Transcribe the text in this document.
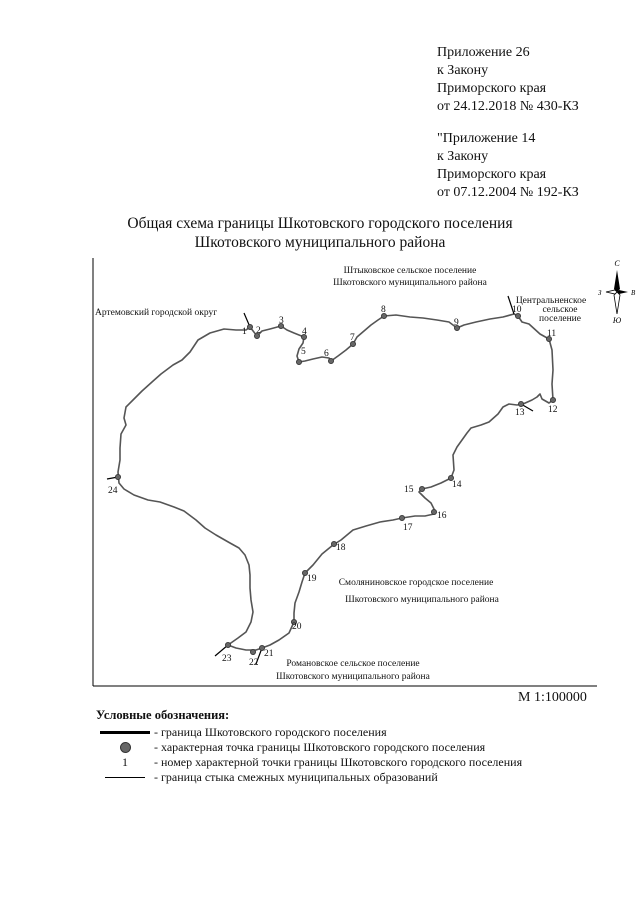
Приложение 26
к Закону
Приморского края
от 24.12.2018 № 430-КЗ
"Приложение 14
к Закону
Приморского края
от 07.12.2004 № 192-КЗ
Общая схема границы Шкотовского городского поселения
Шкотовского муниципального района
1 2
3
4
5 6
7
8
9
10
11
12
13
14
15
16
17
18
19
20
21
22
23
24
Штыковское сельское поселение
Шкотовского муниципального района
Центральненское
сельское
поселение
Артемовский городской округ
Смоляниновское городское поселение
Шкотовского муниципального района
Романовское сельское поселение
Шкотовского муниципального района
С
Ю
В
З
М 1:100000
Условные обозначения:
- граница Шкотовского городского поселения
- характерная точка границы Шкотовского городского поселения
1 - номер характерной точки границы Шкотовского городского поселения
- граница стыка смежных муниципальных образований
